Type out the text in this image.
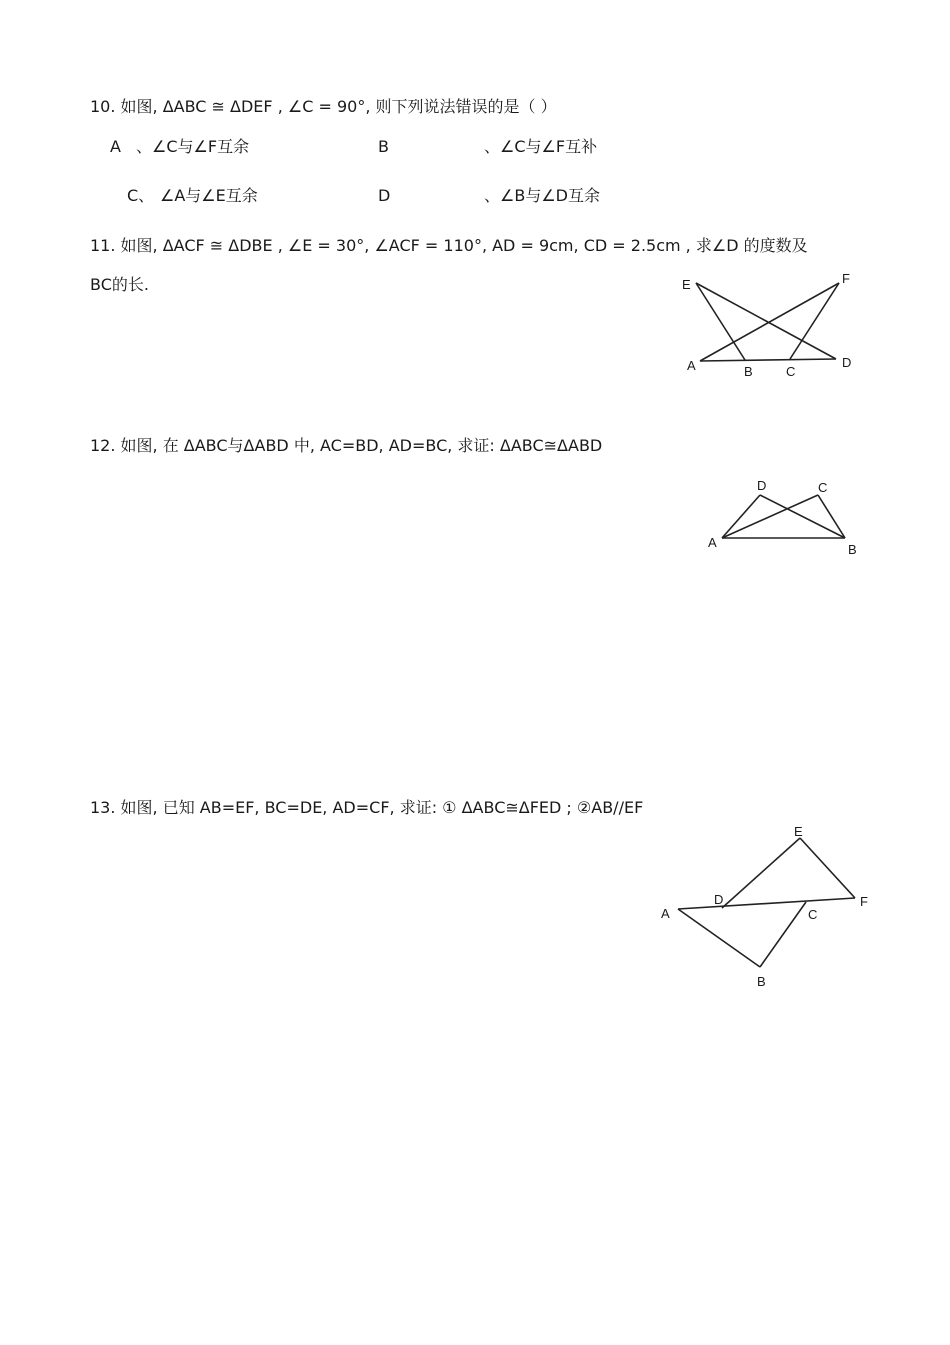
10. 如图, ΔABC ≅ ΔDEF , ∠C = 90°, 则下列说法错误的是（ ）
A 、∠C与∠F互余	B	、∠C与∠F互补
C、 ∠A与∠E互余	D	、∠B与∠D互余
11. 如图, ΔACF ≅ ΔDBE , ∠E = 30°, ∠ACF = 110°, AD = 9cm, CD = 2.5cm , 求∠D 的度数及
BC的长.	E	F
A	B	C
D
12. 如图, 在 ΔABC与ΔABD 中, AC=BD, AD=BC, 求证: ΔABC≅ΔABD
D	C
A	B
13. 如图, 已知 AB=EF, BC=DE, AD=CF, 求证: ① ΔABC≅ΔFED ; ②AB//EF
E
D	F
A	C
B
